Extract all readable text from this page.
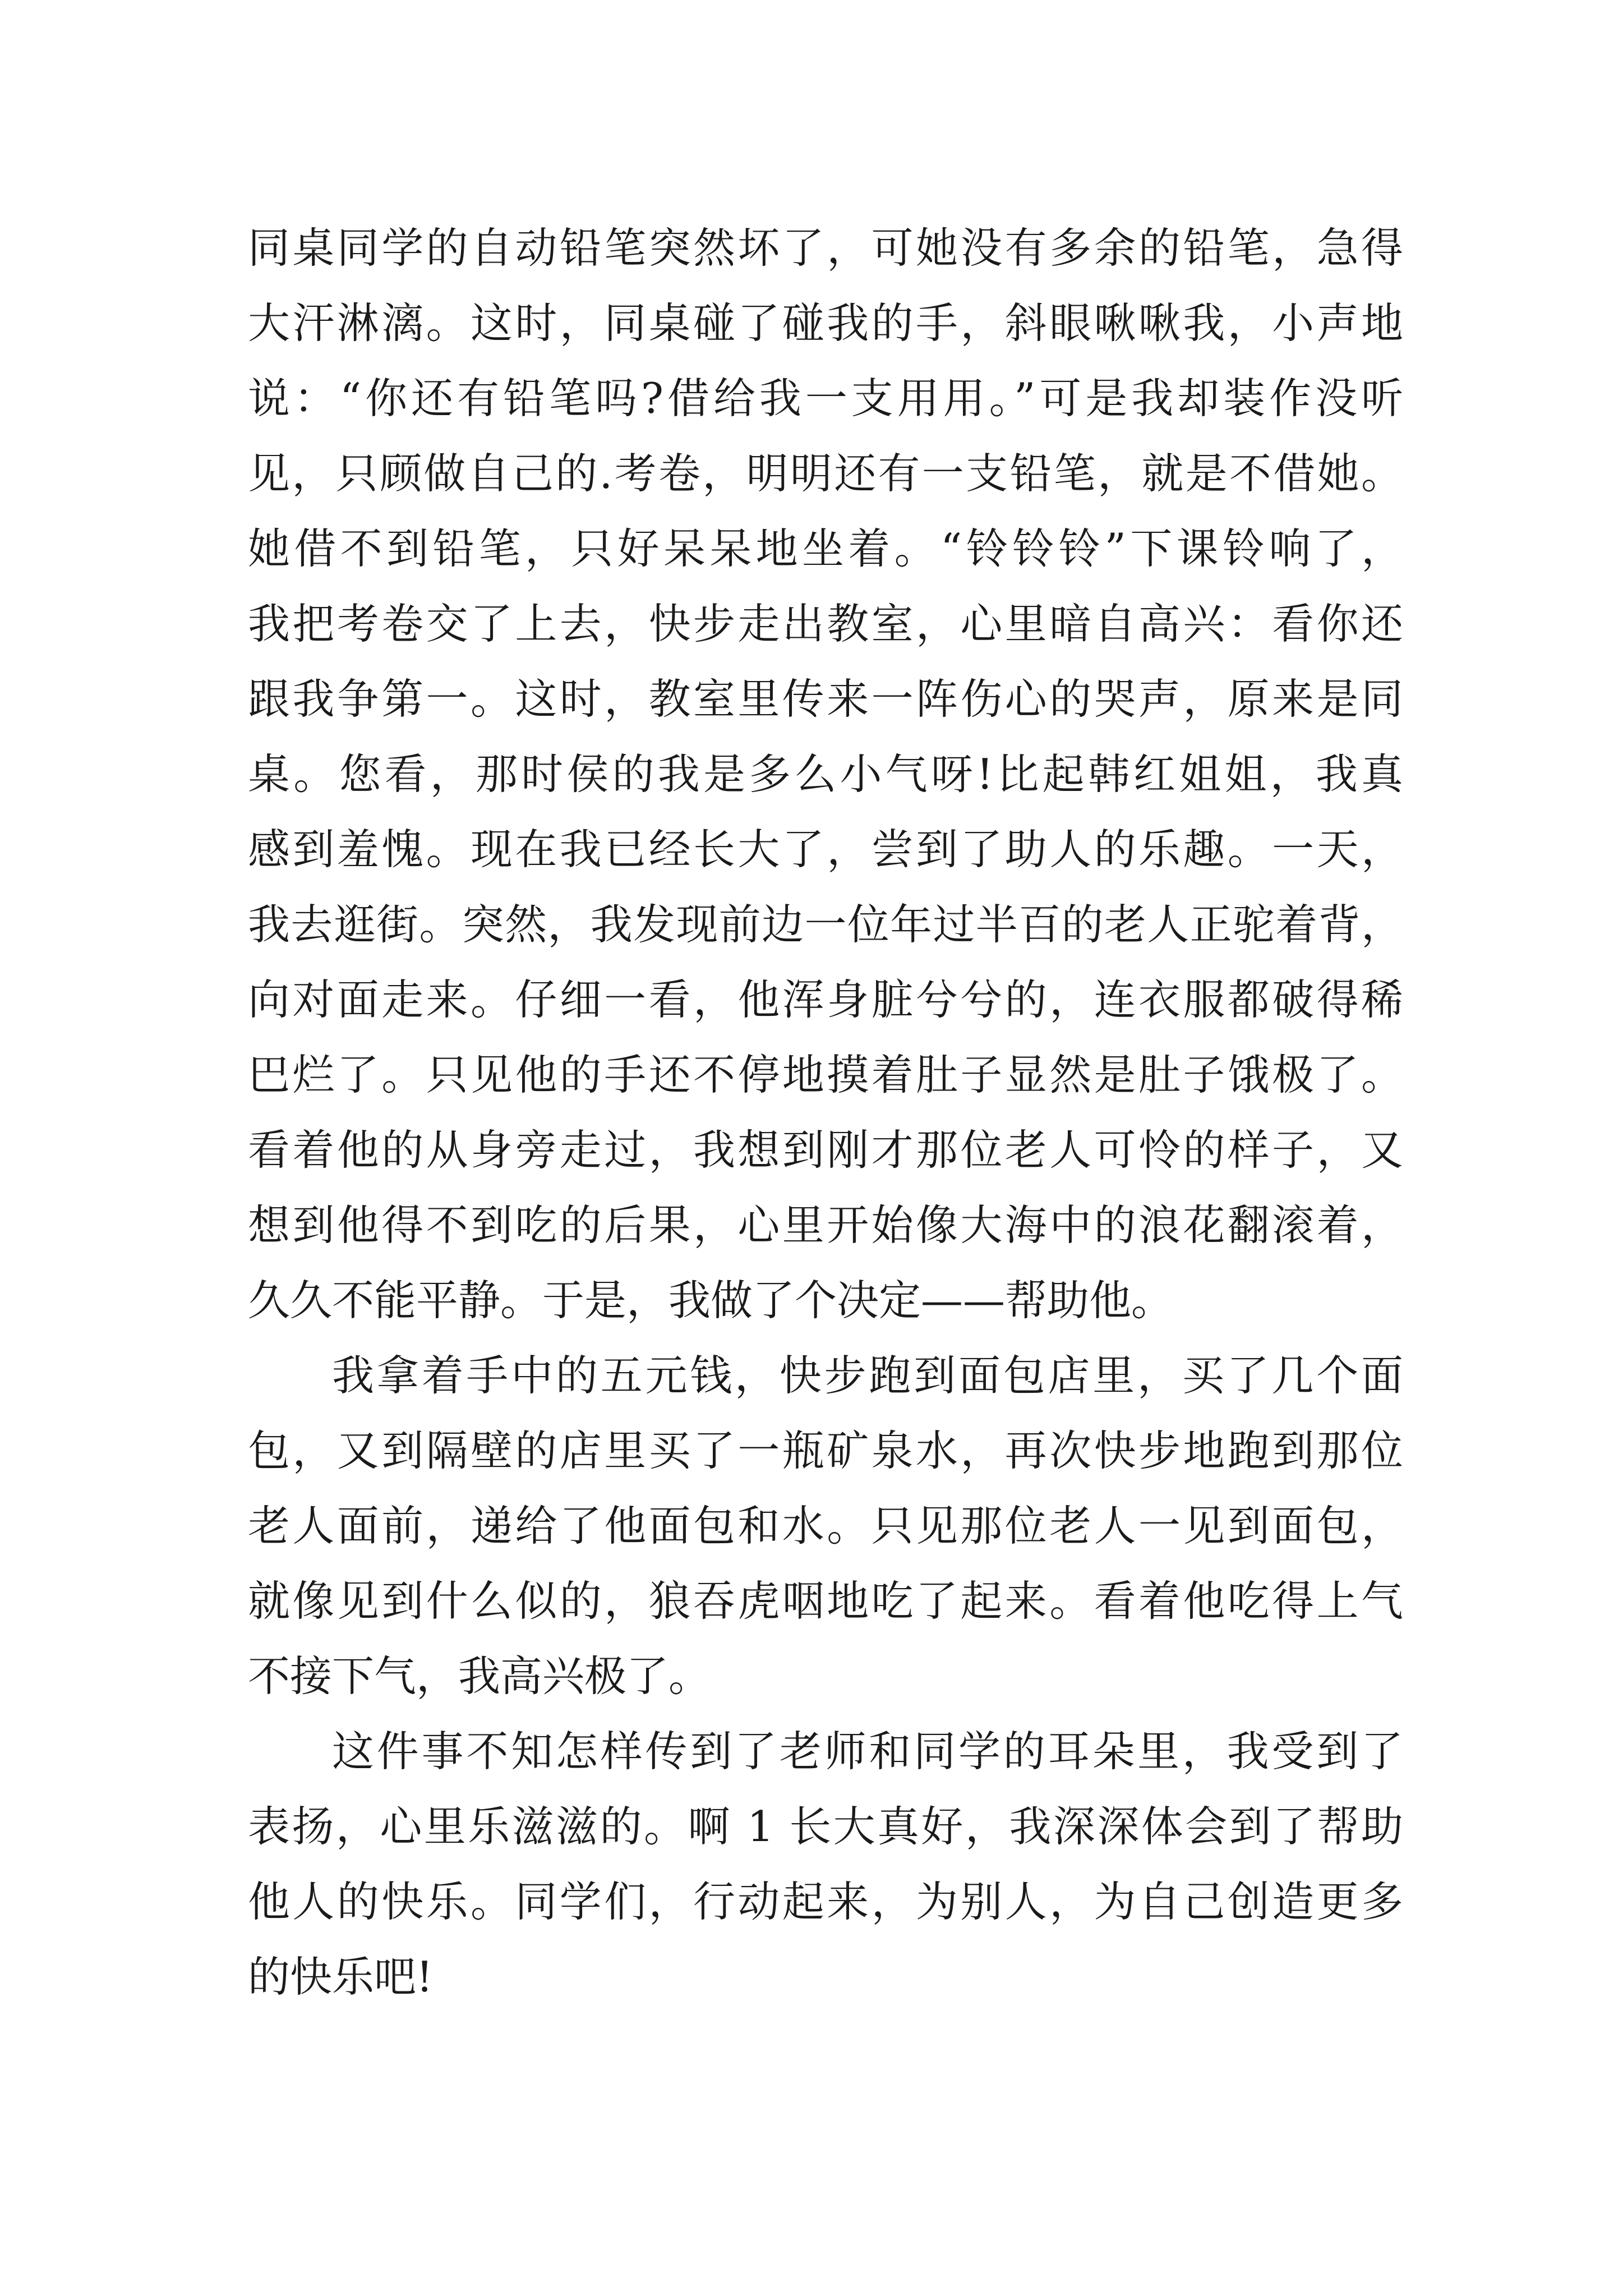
同桌同学的自动铅笔突然坏了，可她没有多余的铅笔，急得
大汗淋漓。这时，同桌碰了碰我的手，斜眼啾啾我，小声地
说：“你还有铅笔吗?借给我一支用用。”可是我却装作没听
见，只顾做自己的.考卷，明明还有一支铅笔，就是不借她。
她借不到铅笔，只好呆呆地坐着。“铃铃铃”下课铃响了，
我把考卷交了上去，快步走出教室，心里暗自高兴：看你还
跟我争第一。这时，教室里传来一阵伤心的哭声，原来是同
桌。您看，那时侯的我是多么小气呀!比起韩红姐姐，我真
感到羞愧。现在我已经长大了，尝到了助人的乐趣。一天，
我去逛街。突然，我发现前边一位年过半百的老人正驼着背，
向对面走来。仔细一看，他浑身脏兮兮的，连衣服都破得稀
巴烂了。只见他的手还不停地摸着肚子显然是肚子饿极了。
看着他的从身旁走过，我想到刚才那位老人可怜的样子，又
想到他得不到吃的后果，心里开始像大海中的浪花翻滚着，
久久不能平静。于是，我做了个决定——帮助他。
我拿着手中的五元钱，快步跑到面包店里，买了几个面
包，又到隔壁的店里买了一瓶矿泉水，再次快步地跑到那位
老人面前，递给了他面包和水。只见那位老人一见到面包，
就像见到什么似的，狼吞虎咽地吃了起来。看着他吃得上气
不接下气，我高兴极了。
这件事不知怎样传到了老师和同学的耳朵里，我受到了
表扬，心里乐滋滋的。啊 1 长大真好，我深深体会到了帮助
他人的快乐。同学们，行动起来，为别人，为自己创造更多
的快乐吧!
